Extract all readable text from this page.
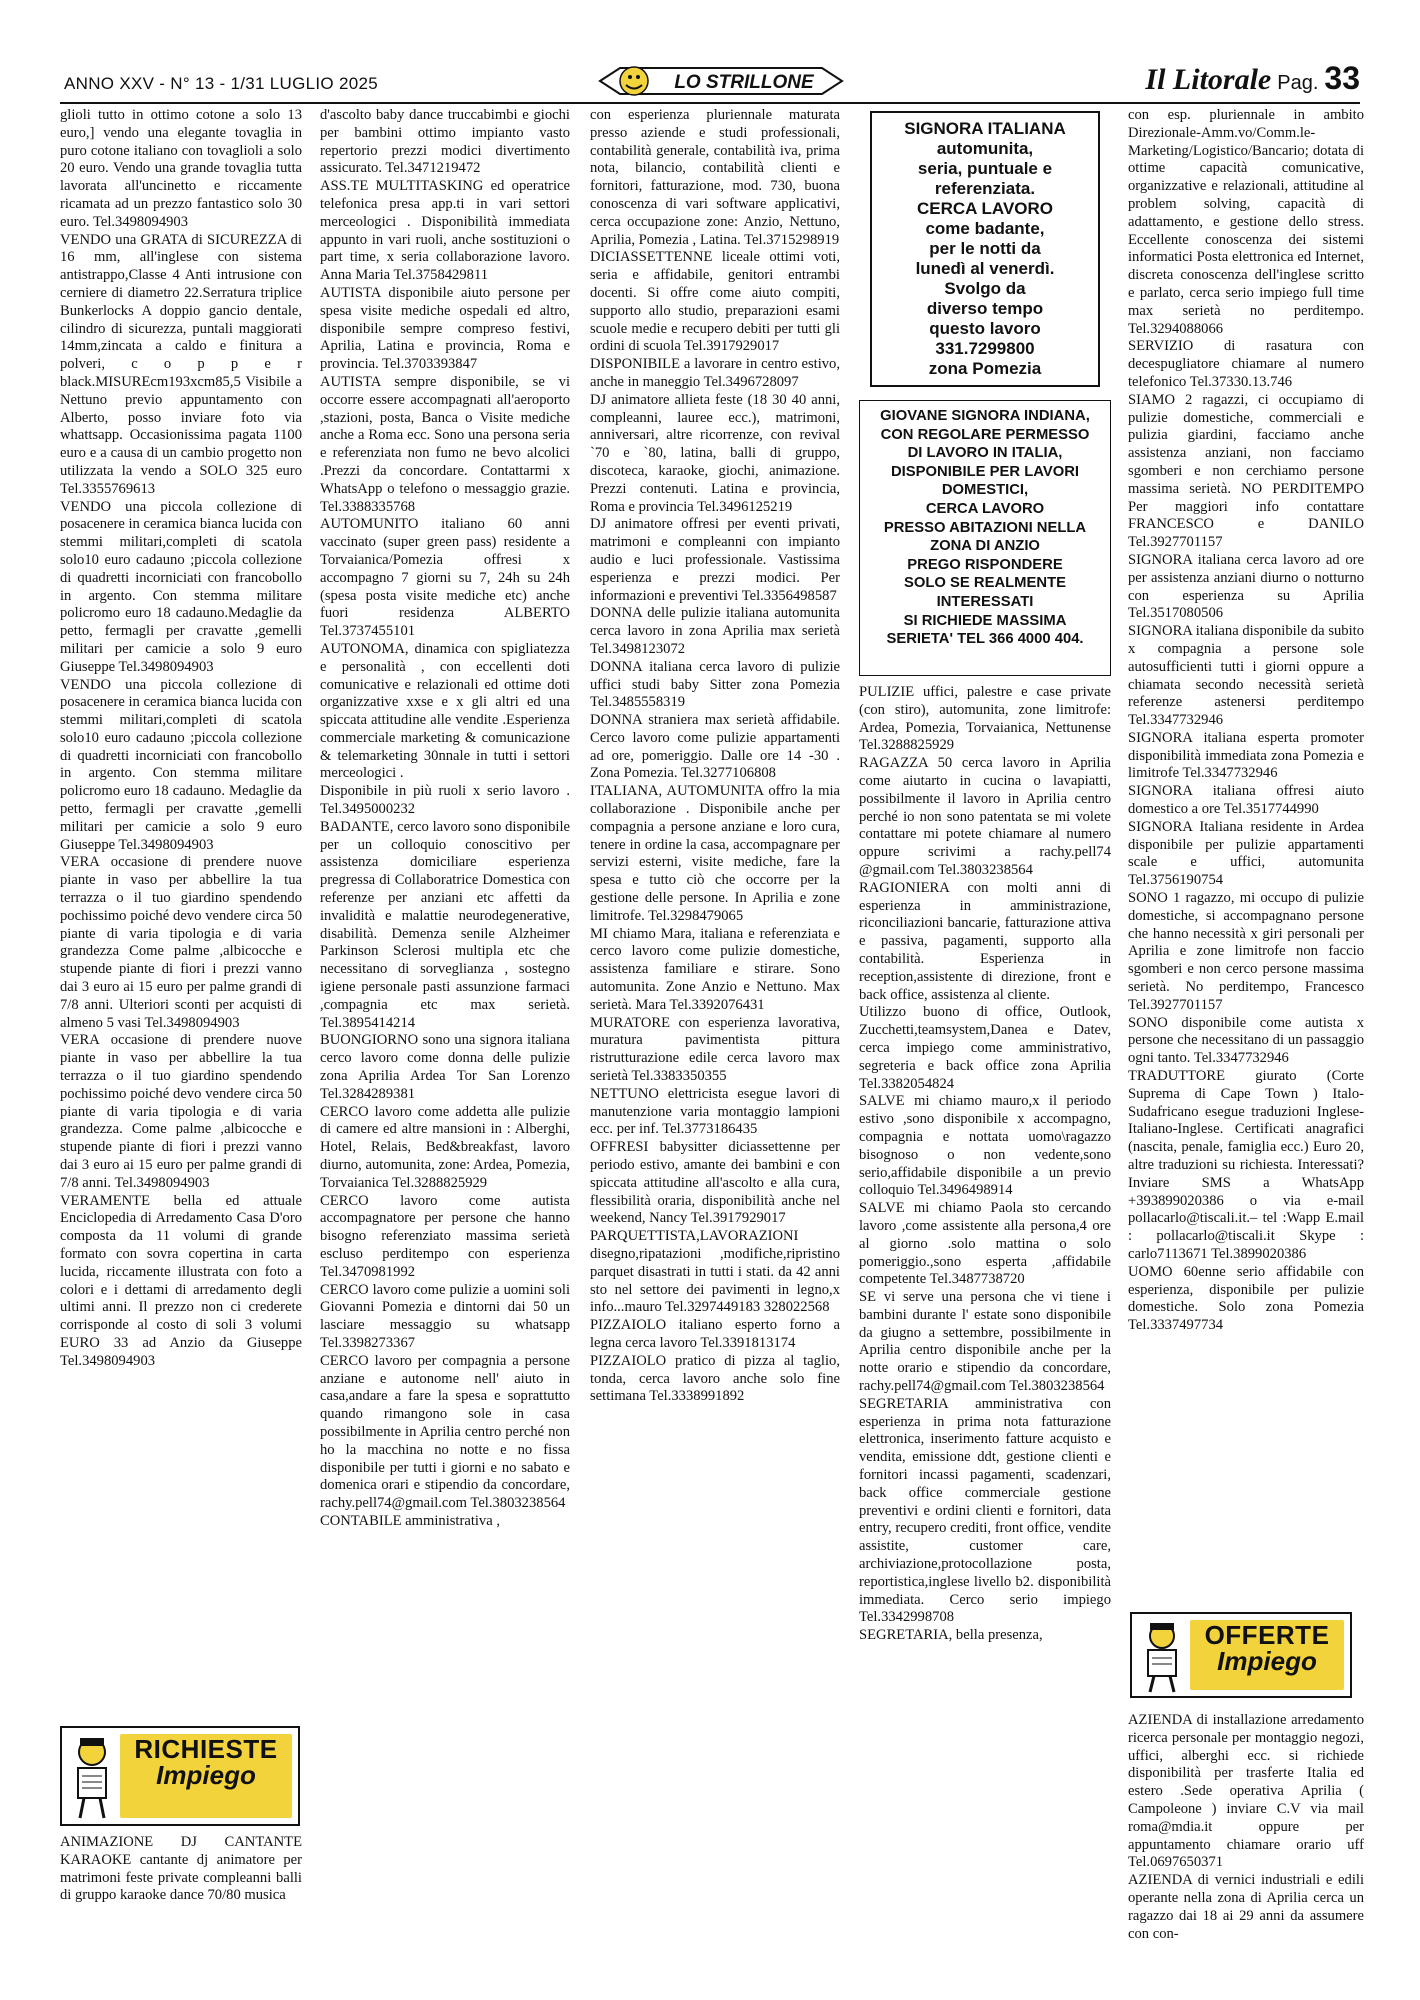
ANNO XXV - N° 13 - 1/31 LUGLIO 2025	LO STRILLONE	Il Litorale Pag. 33

glioli tutto in ottimo cotone a solo 13 euro,] vendo una elegante tovaglia in puro cotone italiano con tovaglioli a solo 20 euro. Vendo una grande tovaglia tutta lavorata all'uncinetto e riccamente ricamata ad un prezzo fantastico solo 30 euro. Tel.3498094903

VENDO una GRATA di SICUREZZA di 16 mm, all'inglese con sistema antistrappo,Classe 4 Anti intrusione con cerniere di diametro 22.Serratura triplice Bunkerlocks A doppio gancio dentale, cilindro di sicurezza, puntali maggiorati 14mm,zincata a caldo e finitura a polveri, c o p p e r black.MISUREcm193xcm85,5 Visibile a Nettuno previo appuntamento con Alberto, posso inviare foto via whattsapp. Occasionissima pagata 1100 euro e a causa di un cambio progetto non utilizzata la vendo a SOLO 325 euro Tel.3355769613

VENDO una piccola collezione di posacenere in ceramica bianca lucida con stemmi militari,completi di scatola solo10 euro cadauno ;piccola collezione di quadretti incorniciati con francobollo in argento. Con stemma militare policromo euro 18 cadauno.Medaglie da petto, fermagli per cravatte ,gemelli militari per camicie a solo 9 euro Giuseppe Tel.3498094903

VENDO una piccola collezione di posacenere in ceramica bianca lucida con stemmi militari,completi di scatola solo10 euro cadauno ;piccola collezione di quadretti incorniciati con francobollo in argento. Con stemma militare policromo euro 18 cadauno. Medaglie da petto, fermagli per cravatte ,gemelli militari per camicie a solo 9 euro Giuseppe Tel.3498094903

VERA occasione di prendere nuove piante in vaso per abbellire la tua terrazza o il tuo giardino spendendo pochissimo poiché devo vendere circa 50 piante di varia tipologia e di varia grandezza Come palme ,albicocche e stupende piante di fiori i prezzi vanno dai 3 euro ai 15 euro per palme grandi di 7/8 anni. Ulteriori sconti per acquisti di almeno 5 vasi Tel.3498094903

VERA occasione di prendere nuove piante in vaso per abbellire la tua terrazza o il tuo giardino spendendo pochissimo poiché devo vendere circa 50 piante di varia tipologia e di varia grandezza. Come palme ,albicocche e stupende piante di fiori i prezzi vanno dai 3 euro ai 15 euro per palme grandi di 7/8 anni. Tel.3498094903

VERAMENTE bella ed attuale Enciclopedia di Arredamento Casa D'oro composta da 11 volumi di grande formato con sovra copertina in carta lucida, riccamente illustrata con foto a colori e i dettami di arredamento degli ultimi anni. Il prezzo non ci crederete corrisponde al costo di soli 3 volumi EURO 33 ad Anzio da Giuseppe Tel.3498094903

RICHIESTE
Impiego

ANIMAZIONE DJ CANTANTE KARAOKE cantante dj animatore per matrimoni feste private compleanni balli di gruppo karaoke dance 70/80 musica

d'ascolto baby dance truccabimbi e giochi per bambini ottimo impianto vasto repertorio prezzi modici divertimento assicurato. Tel.3471219472

ASS.TE MULTITASKING ed operatrice telefonica presa app.ti in vari settori merceologici . Disponibilità immediata appunto in vari ruoli, anche sostituzioni o part time, x seria collaborazione lavoro. Anna Maria Tel.3758429811

AUTISTA disponibile aiuto persone per spesa visite mediche ospedali ed altro, disponibile sempre compreso festivi, Aprilia, Latina e provincia, Roma e provincia. Tel.3703393847

AUTISTA sempre disponibile, se vi occorre essere accompagnati all'aeroporto ,stazioni, posta, Banca o Visite mediche anche a Roma ecc. Sono una persona seria e referenziata non fumo ne bevo alcolici .Prezzi da concordare. Contattarmi x WhatsApp o telefono o messaggio grazie. Tel.3388335768

AUTOMUNITO italiano 60 anni vaccinato (super green pass) residente a Torvaianica/Pomezia offresi x accompagno 7 giorni su 7, 24h su 24h (spesa posta visite mediche etc) anche fuori residenza ALBERTO Tel.3737455101

AUTONOMA, dinamica con spigliatezza e personalità , con eccellenti doti comunicative e relazionali ed ottime doti organizzative xxse e x gli altri ed una spiccata attitudine alle vendite .Esperienza commerciale marketing & comunicazione & telemarketing 30nnale in tutti i settori merceologici .

Disponibile in più ruoli x serio lavoro . Tel.3495000232

BADANTE, cerco lavoro sono disponibile per un colloquio conoscitivo per assistenza domiciliare esperienza pregressa di Collaboratrice Domestica con referenze per anziani etc affetti da invalidità e malattie neurodegenerative, disabilità. Demenza senile Alzheimer Parkinson Sclerosi multipla etc che necessitano di sorveglianza , sostegno igiene personale pasti assunzione farmaci ,compagnia etc max serietà. Tel.3895414214

BUONGIORNO sono una signora italiana cerco lavoro come donna delle pulizie zona Aprilia Ardea Tor San Lorenzo Tel.3284289381

CERCO lavoro come addetta alle pulizie di camere ed altre mansioni in : Alberghi, Hotel, Relais, Bed&breakfast, lavoro diurno, automunita, zone: Ardea, Pomezia, Torvaianica Tel.3288825929

CERCO lavoro come autista accompagnatore per persone che hanno bisogno referenziato massima serietà escluso perditempo con esperienza Tel.3470981992

CERCO lavoro come pulizie a uomini soli Giovanni Pomezia e dintorni dai 50 un lasciare messaggio su whatsapp Tel.3398273367

CERCO lavoro per compagnia a persone anziane e autonome nell' aiuto in casa,andare a fare la spesa e soprattutto quando rimangono sole in casa possibilmente in Aprilia centro perché non ho la macchina no notte e no fissa disponibile per tutti i giorni e no sabato e domenica orari e stipendio da concordare, rachy.pell74@gmail.com Tel.3803238564

CONTABILE amministrativa ,

con esperienza pluriennale maturata presso aziende e studi professionali, contabilità generale, contabilità iva, prima nota, bilancio, contabilità clienti e fornitori, fatturazione, mod. 730, buona conoscenza di vari software applicativi, cerca occupazione zone: Anzio, Nettuno, Aprilia, Pomezia , Latina. Tel.3715298919

DICIASSETTENNE liceale ottimi voti, seria e affidabile, genitori entrambi docenti. Si offre come aiuto compiti, supporto allo studio, preparazioni esami scuole medie e recupero debiti per tutti gli ordini di scuola Tel.3917929017

DISPONIBILE a lavorare in centro estivo, anche in maneggio Tel.3496728097

DJ animatore allieta feste (18 30 40 anni, compleanni, lauree ecc.), matrimoni, anniversari, altre ricorrenze, con revival `70 e `80, latina, balli di gruppo, discoteca, karaoke, giochi, animazione. Prezzi contenuti. Latina e provincia, Roma e provincia Tel.3496125219

DJ animatore offresi per eventi privati, matrimoni e compleanni con impianto audio e luci professionale. Vastissima esperienza e prezzi modici. Per informazioni e preventivi Tel.3356498587

DONNA delle pulizie italiana automunita cerca lavoro in zona Aprilia max serietà Tel.3498123072

DONNA italiana cerca lavoro di pulizie uffici studi baby Sitter zona Pomezia Tel.3485558319

DONNA straniera max serietà affidabile. Cerco lavoro come pulizie appartamenti ad ore, pomeriggio. Dalle ore 14 -30 . Zona Pomezia. Tel.3277106808

ITALIANA, AUTOMUNITA offro la mia collaborazione . Disponibile anche per compagnia a persone anziane e loro cura, tenere in ordine la casa, accompagnare per servizi esterni, visite mediche, fare la spesa e tutto ciò che occorre per la gestione delle persone. In Aprilia e zone limitrofe. Tel.3298479065

MI chiamo Mara, italiana e referenziata e cerco lavoro come pulizie domestiche, assistenza familiare e stirare. Sono automunita. Zone Anzio e Nettuno. Max serietà. Mara Tel.3392076431

MURATORE con esperienza lavorativa, muratura pavimentista pittura ristrutturazione edile cerca lavoro max serietà Tel.3383350355

NETTUNO elettricista esegue lavori di manutenzione varia montaggio lampioni ecc. per inf. Tel.3773186435

OFFRESI babysitter diciassettenne per periodo estivo, amante dei bambini e con spiccata attitudine all'ascolto e alla cura, flessibilità oraria, disponibilità anche nel weekend, Nancy Tel.3917929017

PARQUETTISTA,LAVORAZIONI disegno,ripatazioni ,modifiche,ripristino parquet disastrati in tutti i stati. da 42 anni sto nel settore dei pavimenti in legno,x info...mauro Tel.3297449183 328022568

PIZZAIOLO italiano esperto forno a legna cerca lavoro Tel.3391813174

PIZZAIOLO pratico di pizza al taglio, tonda, cerca lavoro anche solo fine settimana Tel.3338991892

SIGNORA ITALIANA
automunita,
seria, puntuale e
referenziata.
CERCA LAVORO
come badante,
per le notti da
lunedì al venerdì.
Svolgo da
diverso tempo
questo lavoro
331.7299800
zona Pomezia
GIOVANE SIGNORA INDIANA,
CON REGOLARE PERMESSO
DI LAVORO IN ITALIA,
DISPONIBILE PER LAVORI
DOMESTICI,
CERCA LAVORO
PRESSO ABITAZIONI NELLA
ZONA DI ANZIO
PREGO RISPONDERE
SOLO SE REALMENTE
INTERESSATI
SI RICHIEDE MASSIMA
SERIETA' TEL 366 4000 404.

PULIZIE uffici, palestre e case private (con stiro), automunita, zone limitrofe: Ardea, Pomezia, Torvaianica, Nettunense Tel.3288825929

RAGAZZA 50 cerca lavoro in Aprilia come aiutarto in cucina o lavapiatti, possibilmente il lavoro in Aprilia centro perché io non sono patentata se mi volete contattare mi potete chiamare al numero oppure scrivimi a rachy.pell74 @gmail.com Tel.3803238564

RAGIONIERA con molti anni di esperienza in amministrazione, riconciliazioni bancarie, fatturazione attiva e passiva, pagamenti, supporto alla contabilità. Esperienza in reception,assistente di direzione, front e back office, assistenza al cliente.

Utilizzo buono di office, Outlook, Zucchetti,teamsystem,Danea e Datev, cerca impiego come amministrativo, segreteria e back office zona Aprilia Tel.3382054824

SALVE mi chiamo mauro,x il periodo estivo ,sono disponibile x accompagno, compagnia e nottata uomo\ragazzo bisognoso o non vedente,sono serio,affidabile disponibile a un previo colloquio Tel.3496498914

SALVE mi chiamo Paola sto cercando lavoro ,come assistente alla persona,4 ore al giorno .solo mattina o solo pomeriggio.,sono esperta ,affidabile competente Tel.3487738720

SE vi serve una persona che vi tiene i bambini durante l' estate sono disponibile da giugno a settembre, possibilmente in Aprilia centro disponibile anche per la notte orario e stipendio da concordare, rachy.pell74@gmail.com Tel.3803238564

SEGRETARIA amministrativa con esperienza in prima nota fatturazione elettronica, inserimento fatture acquisto e vendita, emissione ddt, gestione clienti e fornitori incassi pagamenti, scadenzari, back office commerciale gestione preventivi e ordini clienti e fornitori, data entry, recupero crediti, front office, vendite assistite, customer care, archiviazione,protocollazione posta, reportistica,inglese livello b2. disponibilità immediata. Cerco serio impiego Tel.3342998708

SEGRETARIA, bella presenza,

con esp. pluriennale in ambito Direzionale-Amm.vo/Comm.le-Marketing/Logistico/Bancario; dotata di ottime capacità comunicative, organizzative e relazionali, attitudine al problem solving, capacità di adattamento, e gestione dello stress. Eccellente conoscenza dei sistemi informatici Posta elettronica ed Internet, discreta conoscenza dell'inglese scritto e parlato, cerca serio impiego full time max serietà no perditempo. Tel.3294088066

SERVIZIO di rasatura con decespugliatore chiamare al numero telefonico Tel.37330.13.746

SIAMO 2 ragazzi, ci occupiamo di pulizie domestiche, commerciali e pulizia giardini, facciamo anche assistenza anziani, non facciamo sgomberi e non cerchiamo persone massima serietà. NO PERDITEMPO Per maggiori info contattare FRANCESCO e DANILO Tel.3927701157

SIGNORA italiana cerca lavoro ad ore per assistenza anziani diurno o notturno con esperienza su Aprilia Tel.3517080506

SIGNORA italiana disponibile da subito x compagnia a persone sole autosufficienti tutti i giorni oppure a chiamata secondo necessità serietà referenze astenersi perditempo Tel.3347732946

SIGNORA italiana esperta promoter disponibilità immediata zona Pomezia e limitrofe Tel.3347732946

SIGNORA italiana offresi aiuto domestico a ore Tel.3517744990

SIGNORA Italiana residente in Ardea disponibile per pulizie appartamenti scale e uffici, automunita Tel.3756190754

SONO 1 ragazzo, mi occupo di pulizie domestiche, si accompagnano persone che hanno necessità x giri personali per Aprilia e zone limitrofe non faccio sgomberi e non cerco persone massima serietà. No perditempo, Francesco Tel.3927701157

SONO disponibile come autista x persone che necessitano di un passaggio ogni tanto. Tel.3347732946

TRADUTTORE giurato (Corte Suprema di Cape Town ) Italo-Sudafricano esegue traduzioni Inglese-Italiano-Inglese. Certificati anagrafici (nascita, penale, famiglia ecc.) Euro 20, altre traduzioni su richiesta. Interessati? Inviare SMS a WhatsApp +393899020386 o via e-mail pollacarlo@tiscali.it.– tel :Wapp E.mail : pollacarlo@tiscali.it Skype : carlo7113671 Tel.3899020386

UOMO 60enne serio affidabile con esperienza, disponibile per pulizie domestiche. Solo zona Pomezia Tel.3337497734

OFFERTE
Impiego

AZIENDA di installazione arredamento ricerca personale per montaggio negozi, uffici, alberghi ecc. si richiede disponibilità per trasferte Italia ed estero .Sede operativa Aprilia ( Campoleone ) inviare C.V via mail roma@mdia.it oppure per appuntamento chiamare orario uff Tel.0697650371

AZIENDA di vernici industriali e edili operante nella zona di Aprilia cerca un ragazzo dai 18 ai 29 anni da assumere con con-
